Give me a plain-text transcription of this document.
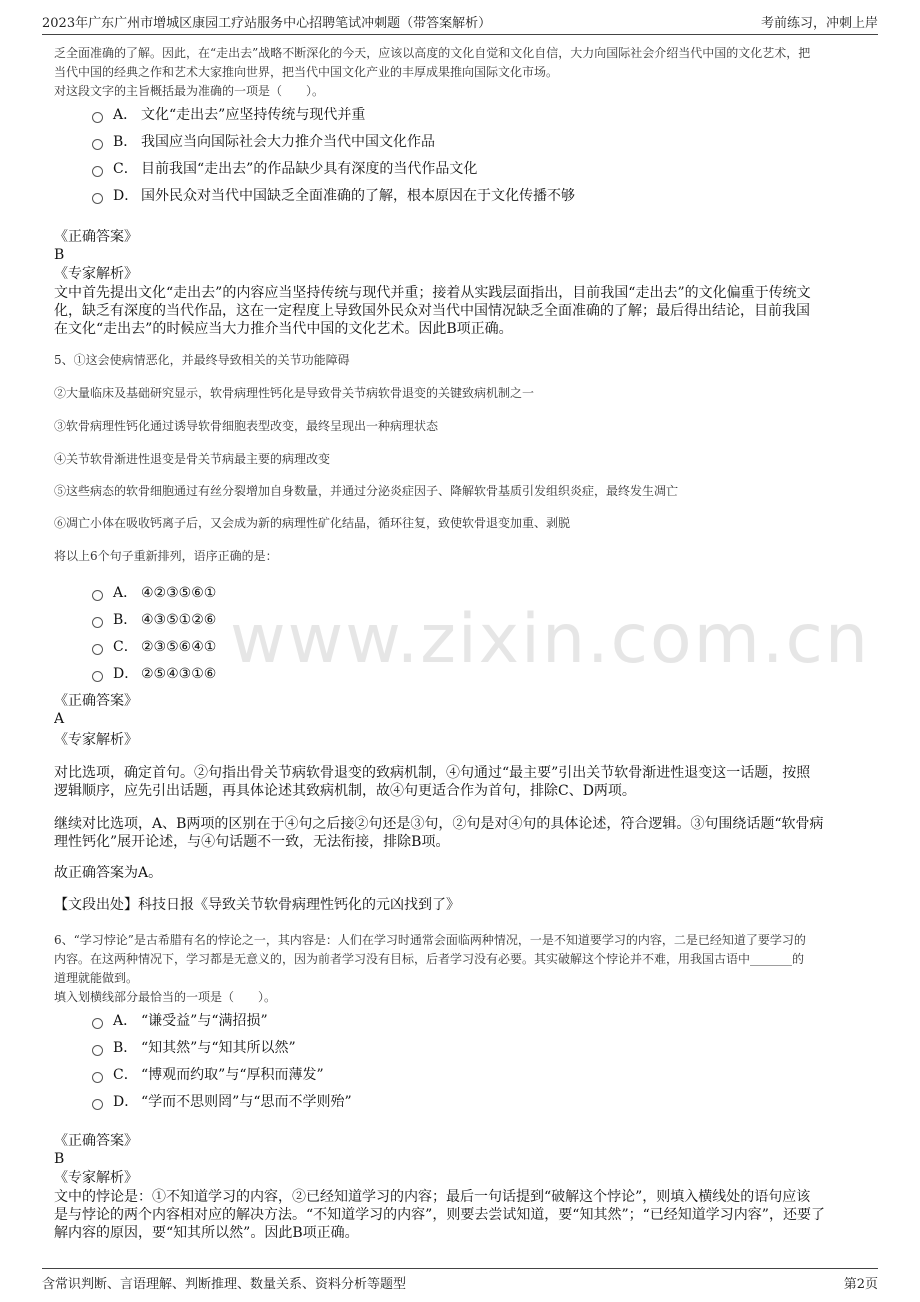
2023年广东广州市增城区康园工疗站服务中心招聘笔试冲刺题（带答案解析）	考前练习，冲刺上岸
www.zixin.com.cn
乏全面准确的了解。因此，在“走出去”战略不断深化的今天，应该以高度的文化自觉和文化自信，大力向国际社会介绍当代中国的文化艺术，把
当代中国的经典之作和艺术大家推向世界，把当代中国文化产业的丰厚成果推向国际文化市场。
对这段文字的主旨概括最为准确的一项是（　　）。
A． 文化“走出去”应坚持传统与现代并重
B． 我国应当向国际社会大力推介当代中国文化作品
C． 目前我国“走出去”的作品缺少具有深度的当代作品文化
D． 国外民众对当代中国缺乏全面准确的了解，根本原因在于文化传播不够
《正确答案》
B
《专家解析》
文中首先提出文化“走出去”的内容应当坚持传统与现代并重；接着从实践层面指出，目前我国“走出去”的文化偏重于传统文
化，缺乏有深度的当代作品，这在一定程度上导致国外民众对当代中国情况缺乏全面准确的了解；最后得出结论，目前我国
在文化“走出去”的时候应当大力推介当代中国的文化艺术。因此B项正确。
5、①这会使病情恶化，并最终导致相关的关节功能障碍
②大量临床及基础研究显示，软骨病理性钙化是导致骨关节病软骨退变的关键致病机制之一
③软骨病理性钙化通过诱导软骨细胞表型改变，最终呈现出一种病理状态
④关节软骨渐进性退变是骨关节病最主要的病理改变
⑤这些病态的软骨细胞通过有丝分裂增加自身数量，并通过分泌炎症因子、降解软骨基质引发组织炎症，最终发生凋亡
⑥凋亡小体在吸收钙离子后，又会成为新的病理性矿化结晶，循环往复，致使软骨退变加重、剥脱
将以上6个句子重新排列，语序正确的是：
A． ④②③⑤⑥①
B． ④③⑤①②⑥
C． ②③⑤⑥④①
D． ②⑤④③①⑥
《正确答案》
A
《专家解析》
对比选项，确定首句。②句指出骨关节病软骨退变的致病机制，④句通过“最主要”引出关节软骨渐进性退变这一话题，按照
逻辑顺序，应先引出话题，再具体论述其致病机制，故④句更适合作为首句，排除C、D两项。
继续对比选项，A、B两项的区别在于④句之后接②句还是③句，②句是对④句的具体论述，符合逻辑。③句围绕话题“软骨病
理性钙化”展开论述，与④句话题不一致，无法衔接，排除B项。
故正确答案为A。
【文段出处】科技日报《导致关节软骨病理性钙化的元凶找到了》
6、“学习悖论”是古希腊有名的悖论之一，其内容是：人们在学习时通常会面临两种情况，一是不知道要学习的内容，二是已经知道了要学习的
内容。在这两种情况下，学习都是无意义的，因为前者学习没有目标，后者学习没有必要。其实破解这个悖论并不难，用我国古语中_______的
道理就能做到。
填入划横线部分最恰当的一项是（　　）。
A． “谦受益”与“满招损”
B． “知其然”与“知其所以然”
C． “博观而约取”与“厚积而薄发”
D． “学而不思则罔”与“思而不学则殆”
《正确答案》
B
《专家解析》
文中的悖论是：①不知道学习的内容，②已经知道学习的内容；最后一句话提到“破解这个悖论”，则填入横线处的语句应该
是与悖论的两个内容相对应的解决方法。“不知道学习的内容”，则要去尝试知道，要“知其然”；“已经知道学习内容”，还要了
解内容的原因，要“知其所以然”。因此B项正确。
含常识判断、言语理解、判断推理、数量关系、资料分析等题型	第2页
